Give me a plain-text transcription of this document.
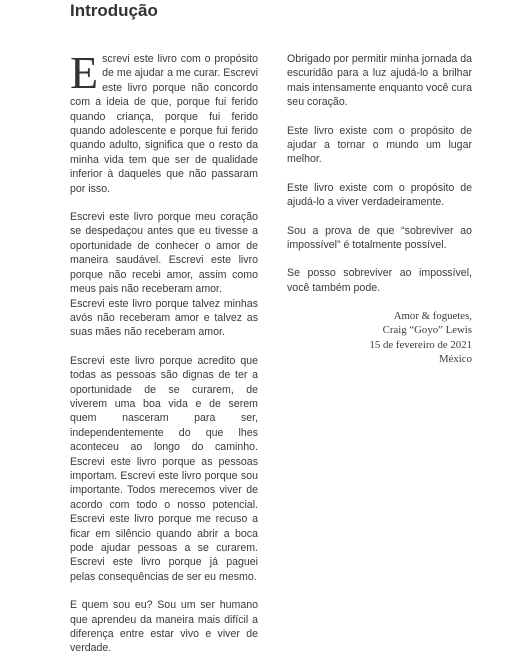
Introdução

Escrevi este livro com o propósito de me ajudar a me curar. Escrevi este livro porque não concordo com a ideia de que, porque fui ferido quando criança, porque fui ferido quando adolescente e porque fui ferido quando adulto, significa que o resto da minha vida tem que ser de qualidade inferior à daqueles que não passaram por isso.

Escrevi este livro porque meu coração se despedaçou antes que eu tivesse a oportunidade de conhecer o amor de maneira saudável. Escrevi este livro porque não recebi amor, assim como meus pais não receberam amor.

Escrevi este livro porque talvez minhas avós não receberam amor e talvez as suas mães não receberam amor.

Escrevi este livro porque acredito que todas as pessoas são dignas de ter a oportunidade de se curarem, de viverem uma boa vida e de serem quem nasceram para ser, independentemente do que lhes aconteceu ao longo do caminho. Escrevi este livro porque as pessoas importam. Escrevi este livro porque sou importante. Todos merecemos viver de acordo com todo o nosso potencial. Escrevi este livro porque me recuso a ficar em silêncio quando abrir a boca pode ajudar pessoas a se curarem. Escrevi este livro porque já paguei pelas consequências de ser eu mesmo.

E quem sou eu? Sou um ser humano que aprendeu da maneira mais difícil a diferença entre estar vivo e viver de verdade.

Obrigado por permitir minha jornada da escuridão para a luz ajudá-lo a brilhar mais intensamente enquanto você cura seu coração.

Este livro existe com o propósito de ajudar a tornar o mundo um lugar melhor.

Este livro existe com o propósito de ajudá-lo a viver verdadeiramente.

Sou a prova de que “sobreviver ao impossível” é totalmente possível.

Se posso sobreviver ao impossível, você também pode.

Amor & foguetes,
Craig “Goyo” Lewis
15 de fevereiro de 2021
México
